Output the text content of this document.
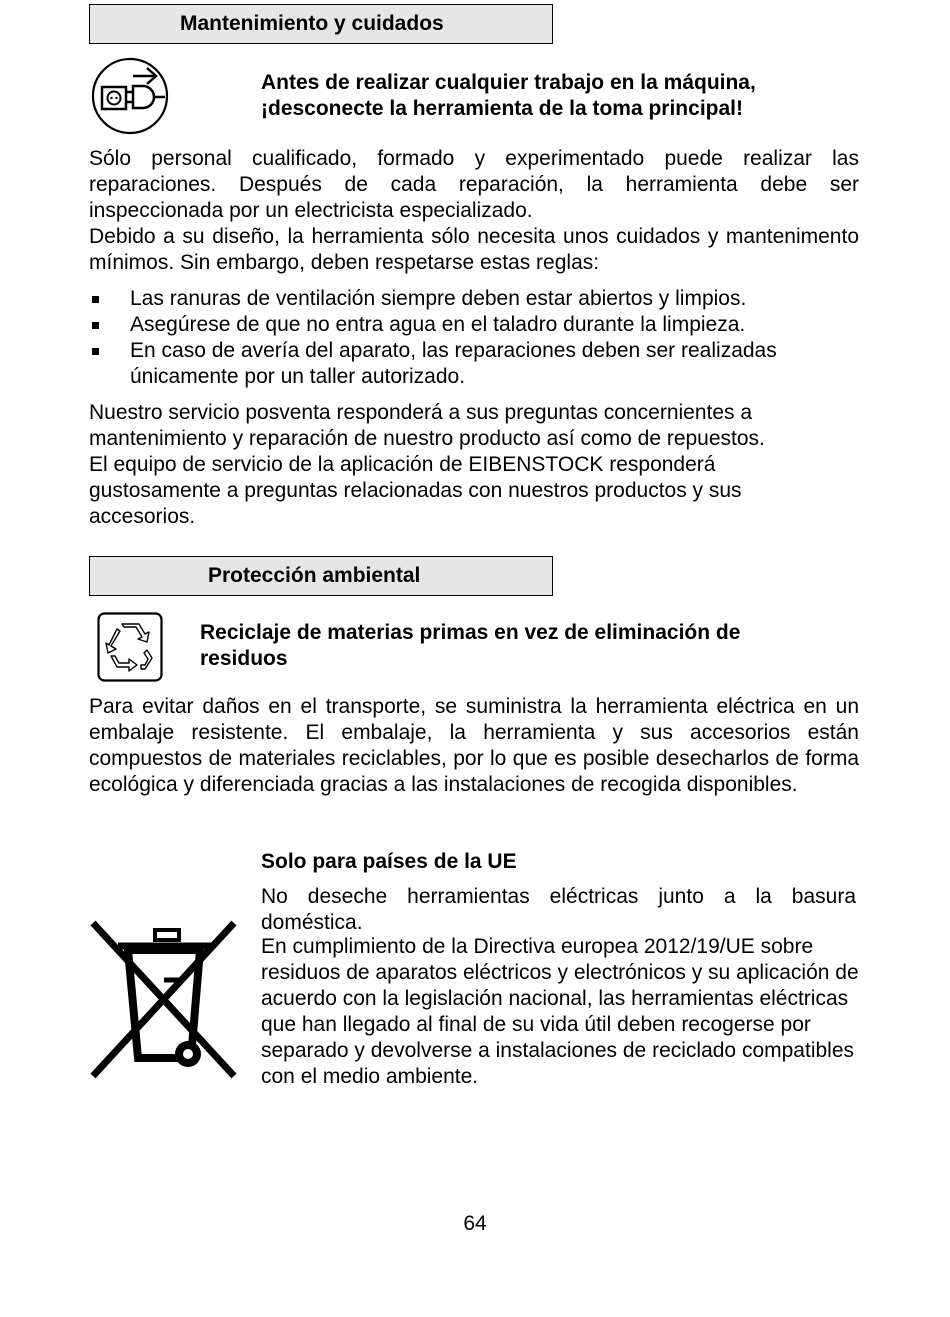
Mantenimiento y cuidados
Antes de realizar cualquier trabajo en la máquina, ¡desconecte la herramienta de la toma principal!
Sólo personal cualificado, formado y experimentado puede realizar las reparaciones. Después de cada reparación, la herramienta debe ser inspeccionada por un electricista especializado.
Debido a su diseño, la herramienta sólo necesita unos cuidados y mantenimento mínimos. Sin embargo, deben respetarse estas reglas:
Las ranuras de ventilación siempre deben estar abiertos y limpios.
Asegúrese de que no entra agua en el taladro durante la limpieza.
En caso de avería del aparato, las reparaciones deben ser realizadas únicamente por un taller autorizado.
Nuestro servicio posventa responderá a sus preguntas concernientes a mantenimiento y reparación de nuestro producto así como de repuestos.
El equipo de servicio de la aplicación de EIBENSTOCK responderá gustosamente a preguntas relacionadas con nuestros productos y sus accesorios.
Protección ambiental
Reciclaje de materias primas en vez de eliminación de residuos
Para evitar daños en el transporte, se suministra la herramienta eléctrica en un embalaje resistente. El embalaje, la herramienta y sus accesorios están compuestos de materiales reciclables, por lo que es posible desecharlos de forma ecológica y diferenciada gracias a las instalaciones de recogida disponibles.
Solo para países de la UE
No deseche herramientas eléctricas junto a la basura doméstica.
En cumplimiento de la Directiva europea 2012/19/UE sobre residuos de aparatos eléctricos y electrónicos y su aplicación de acuerdo con la legislación nacional, las herramientas eléctricas que han llegado al final de su vida útil deben recogerse por separado y devolverse a instalaciones de reciclado compatibles con el medio ambiente.
64
